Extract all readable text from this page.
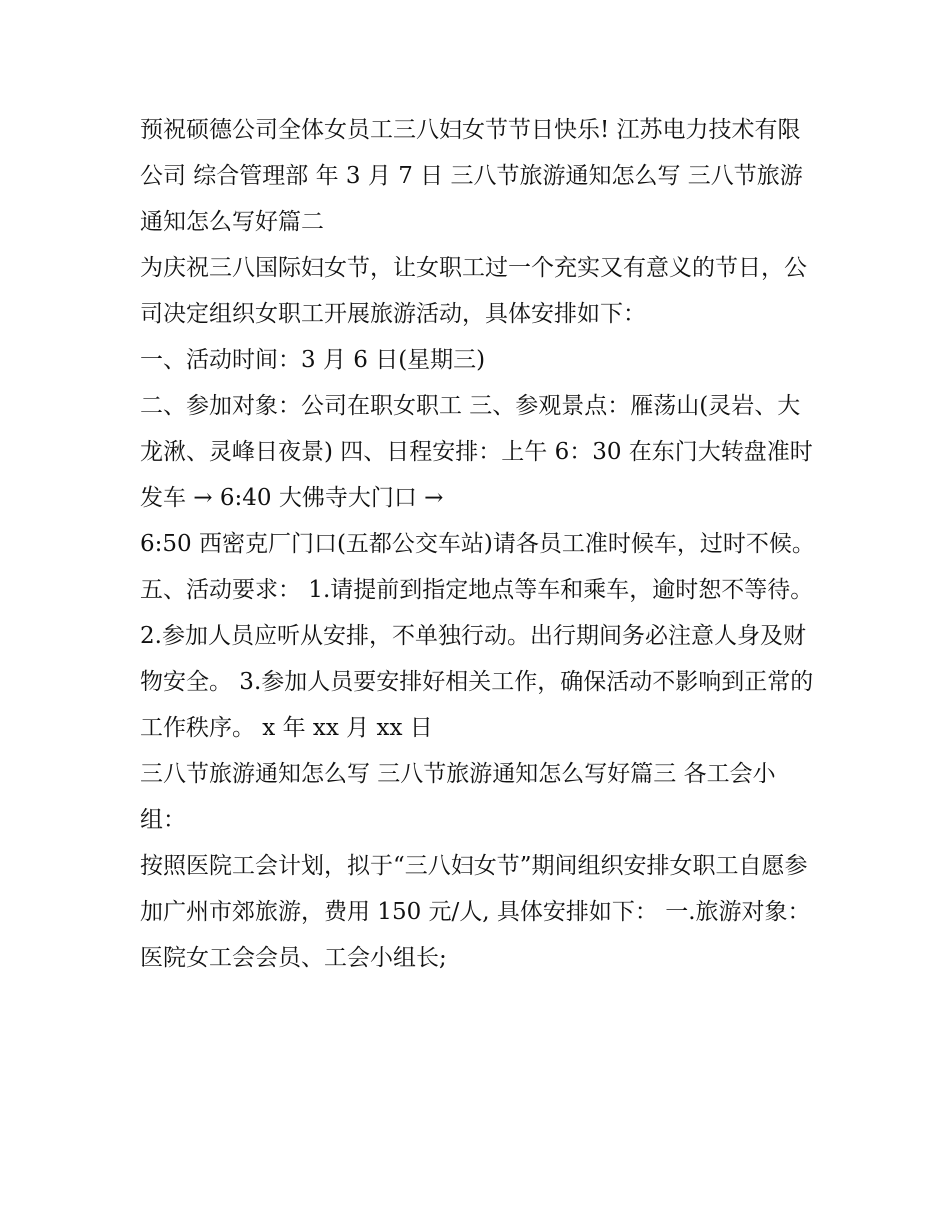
预祝硕德公司全体女员工三八妇女节节日快乐! 江苏电力技术有限公司 综合管理部 年 3 月 7 日 三八节旅游通知怎么写 三八节旅游通知怎么写好篇二

为庆祝三八国际妇女节，让女职工过一个充实又有意义的节日，公司决定组织女职工开展旅游活动，具体安排如下：

一、活动时间：3 月 6 日(星期三)

二、参加对象：公司在职女职工 三、参观景点：雁荡山(灵岩、大龙湫、灵峰日夜景) 四、日程安排：上午 6：30 在东门大转盘准时发车 → 6:40 大佛寺大门口 →

6:50 西密克厂门口(五都公交车站)请各员工准时候车，过时不候。 五、活动要求： 1.请提前到指定地点等车和乘车，逾时恕不等待。

2.参加人员应听从安排，不单独行动。出行期间务必注意人身及财物安全。 3.参加人员要安排好相关工作，确保活动不影响到正常的工作秩序。 x 年 xx 月 xx 日

三八节旅游通知怎么写 三八节旅游通知怎么写好篇三 各工会小组：

按照医院工会计划，拟于“三八妇女节”期间组织安排女职工自愿参加广州市郊旅游，费用 150 元/人, 具体安排如下： 一.旅游对象：医院女工会会员、工会小组长;
